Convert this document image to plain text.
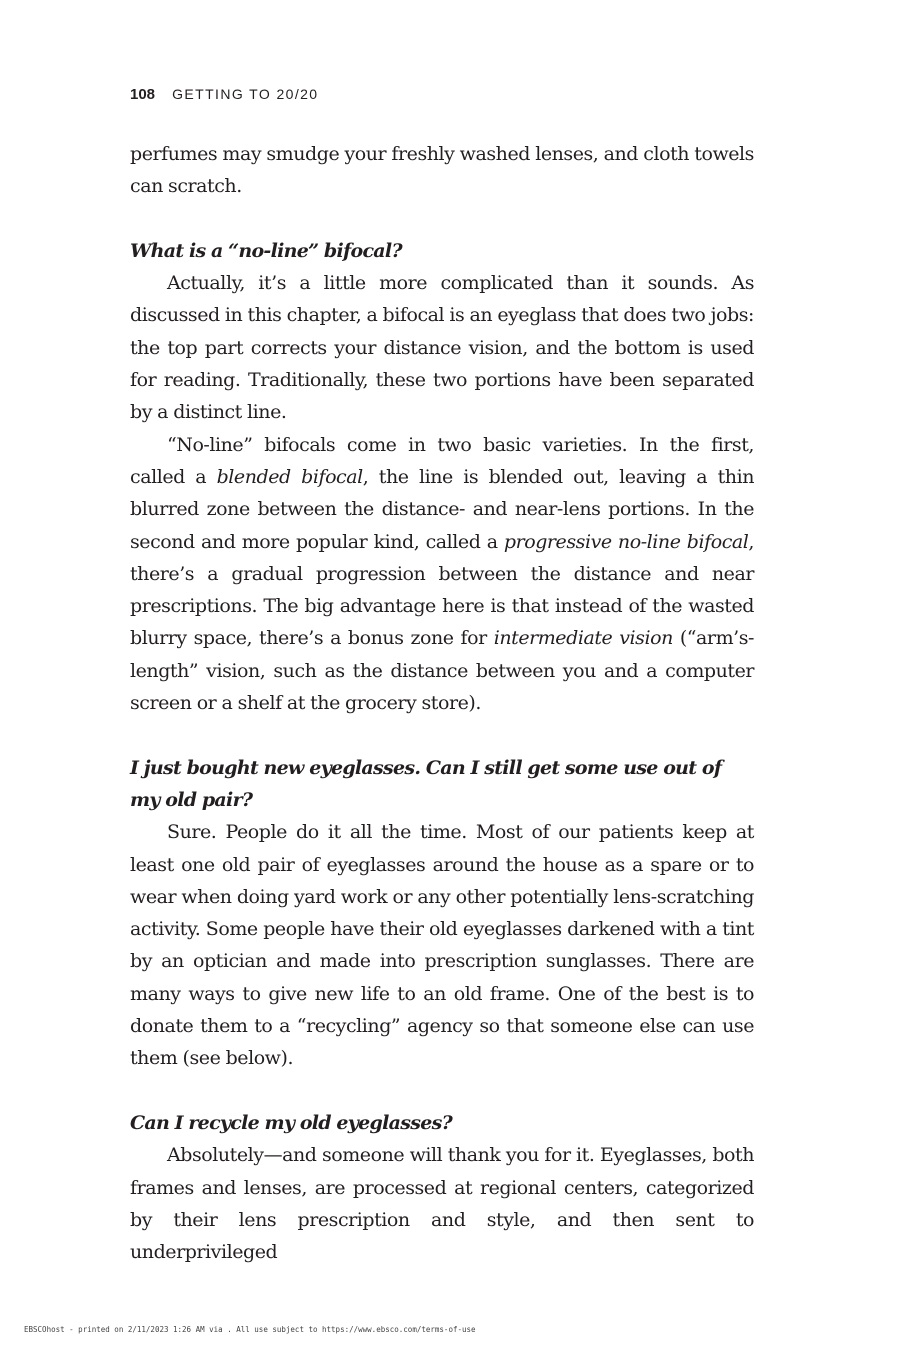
108 GETTING TO 20/20

perfumes may smudge your freshly washed lenses, and cloth towels can scratch.

What is a “no-line” bifocal?

Actually, it’s a little more complicated than it sounds. As discussed in this chapter, a bifocal is an eyeglass that does two jobs: the top part corrects your distance vision, and the bottom is used for reading. Traditionally, these two portions have been separated by a distinct line.

“No-line” bifocals come in two basic varieties. In the first, called a blended bifocal, the line is blended out, leaving a thin blurred zone between the distance- and near-lens portions. In the second and more popular kind, called a progressive no-line bifocal, there’s a gradual progression between the distance and near prescriptions. The big advantage here is that instead of the wasted blurry space, there’s a bonus zone for intermediate vision (“arm’s-length” vision, such as the distance between you and a computer screen or a shelf at the grocery store).

I just bought new eyeglasses. Can I still get some use out of my old pair?

Sure. People do it all the time. Most of our patients keep at least one old pair of eyeglasses around the house as a spare or to wear when doing yard work or any other potentially lens-scratching activity. Some people have their old eyeglasses darkened with a tint by an optician and made into prescription sunglasses. There are many ways to give new life to an old frame. One of the best is to donate them to a “recycling” agency so that someone else can use them (see below).

Can I recycle my old eyeglasses?

Absolutely—and someone will thank you for it. Eyeglasses, both frames and lenses, are processed at regional centers, categorized by their lens prescription and style, and then sent to underprivileged

EBSCOhost - printed on 2/11/2023 1:26 AM via . All use subject to https://www.ebsco.com/terms-of-use
